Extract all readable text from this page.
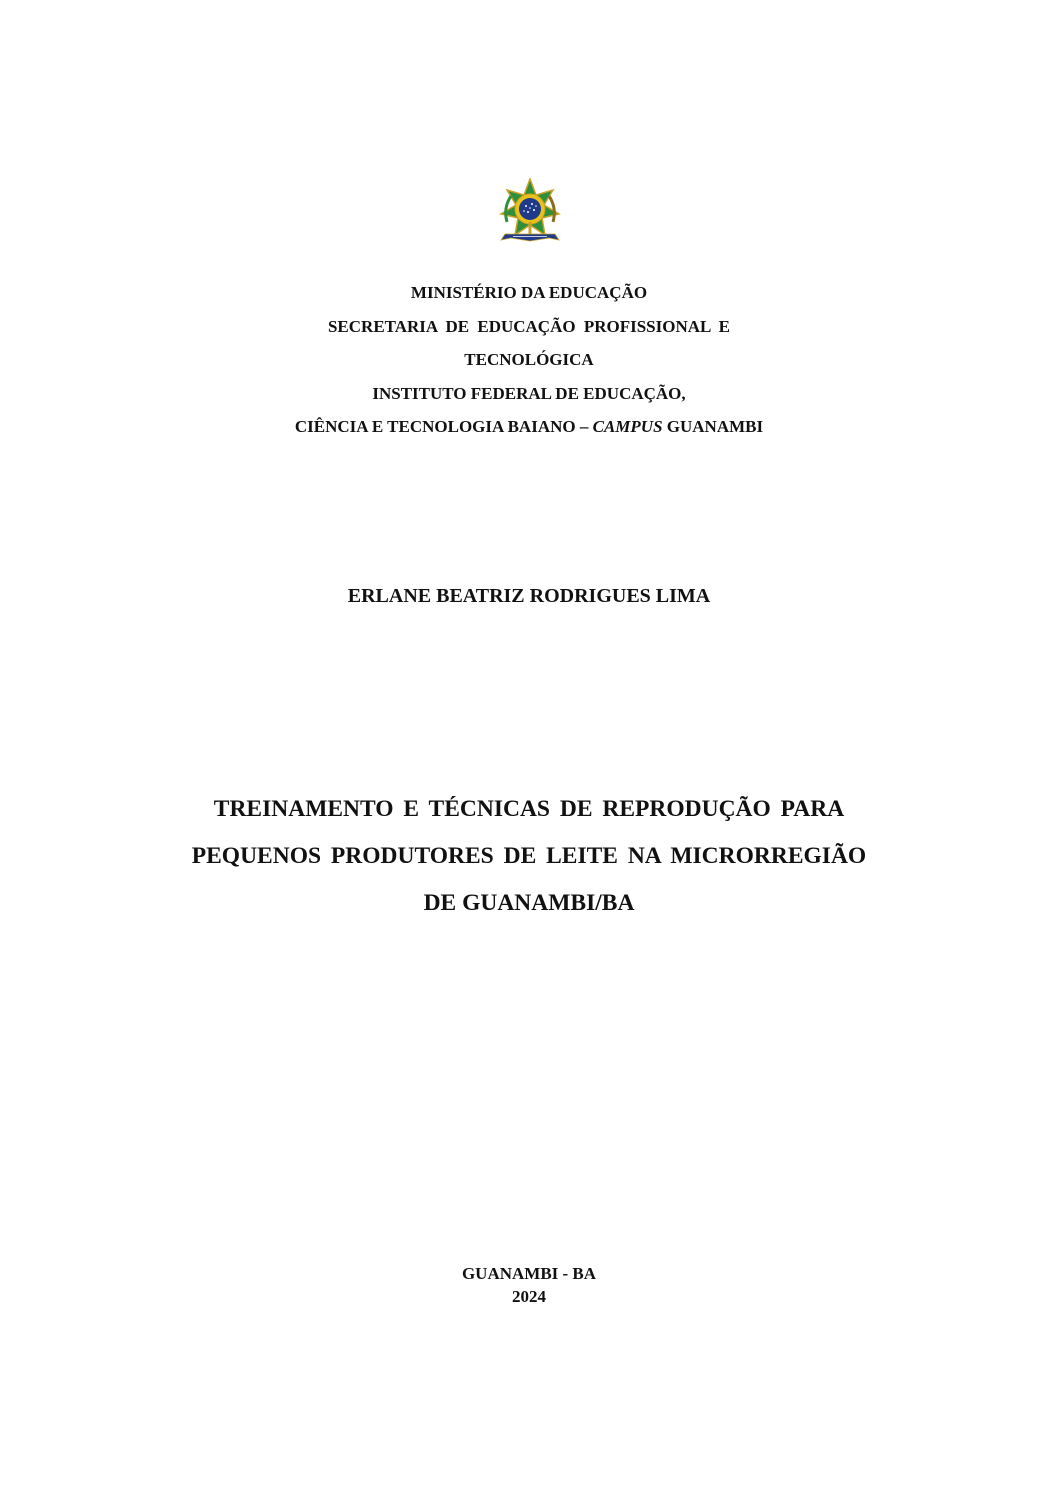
MINISTÉRIO DA EDUCAÇÃO
SECRETARIA DE EDUCAÇÃO PROFISSIONAL E
TECNOLÓGICA
INSTITUTO FEDERAL DE EDUCAÇÃO,
CIÊNCIA E TECNOLOGIA BAIANO – CAMPUS GUANAMBI
ERLANE BEATRIZ RODRIGUES LIMA
TREINAMENTO E TÉCNICAS DE REPRODUÇÃO PARA
PEQUENOS PRODUTORES DE LEITE NA MICRORREGIÃO
DE GUANAMBI/BA
GUANAMBI - BA
2024
